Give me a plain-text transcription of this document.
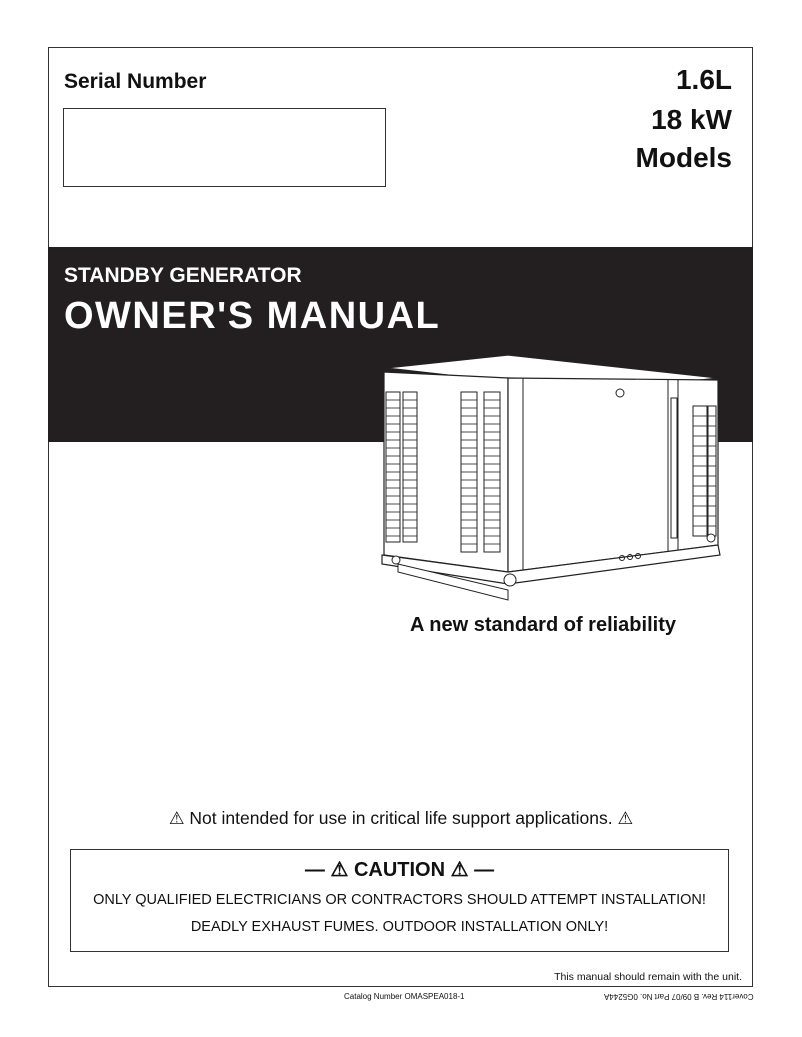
Serial Number	1.6L
18 kW
Models
STANDBY GENERATOR
OWNER'S MANUAL
A new standard of reliability
⚠ Not intended for use in critical life support applications. ⚠
— ⚠ CAUTION ⚠ —
ONLY QUALIFIED ELECTRICIANS OR CONTRACTORS SHOULD ATTEMPT INSTALLATION!
DEADLY EXHAUST FUMES. OUTDOOR INSTALLATION ONLY!
This manual should remain with the unit.
Catalog Number OMASPEA018-1	Cover114 Rev. B 09/07 Part No. 0G5244A
